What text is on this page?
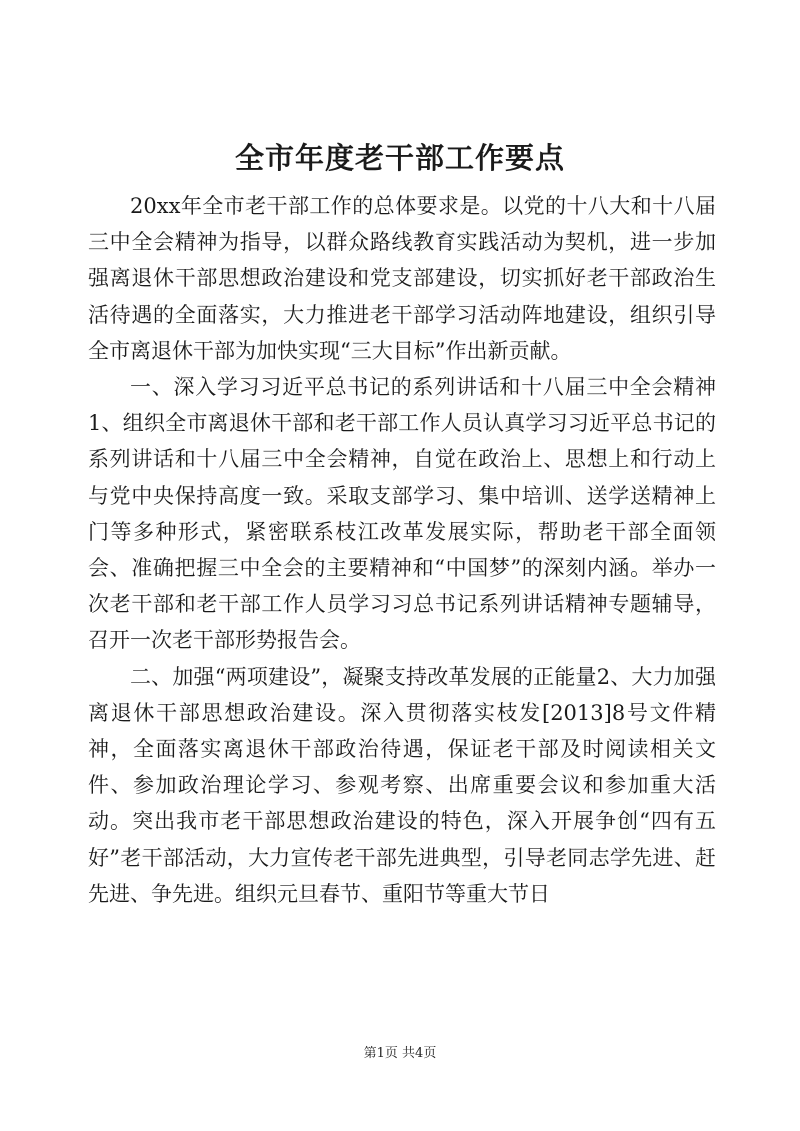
全市年度老干部工作要点

20xx年全市老干部工作的总体要求是。以党的十八大和十八届三中全会精神为指导，以群众路线教育实践活动为契机，进一步加强离退休干部思想政治建设和党支部建设，切实抓好老干部政治生活待遇的全面落实，大力推进老干部学习活动阵地建设，组织引导全市离退休干部为加快实现“三大目标”作出新贡献。

一、深入学习习近平总书记的系列讲话和十八届三中全会精神1、组织全市离退休干部和老干部工作人员认真学习习近平总书记的系列讲话和十八届三中全会精神，自觉在政治上、思想上和行动上与党中央保持高度一致。采取支部学习、集中培训、送学送精神上门等多种形式，紧密联系枝江改革发展实际，帮助老干部全面领会、准确把握三中全会的主要精神和“中国梦”的深刻内涵。举办一次老干部和老干部工作人员学习习总书记系列讲话精神专题辅导，召开一次老干部形势报告会。

二、加强“两项建设”，凝聚支持改革发展的正能量2、大力加强离退休干部思想政治建设。深入贯彻落实枝发[2013]8号文件精神，全面落实离退休干部政治待遇，保证老干部及时阅读相关文件、参加政治理论学习、参观考察、出席重要会议和参加重大活动。突出我市老干部思想政治建设的特色，深入开展争创“四有五好”老干部活动，大力宣传老干部先进典型，引导老同志学先进、赶先进、争先进。组织元旦春节、重阳节等重大节日

第1页 共4页
